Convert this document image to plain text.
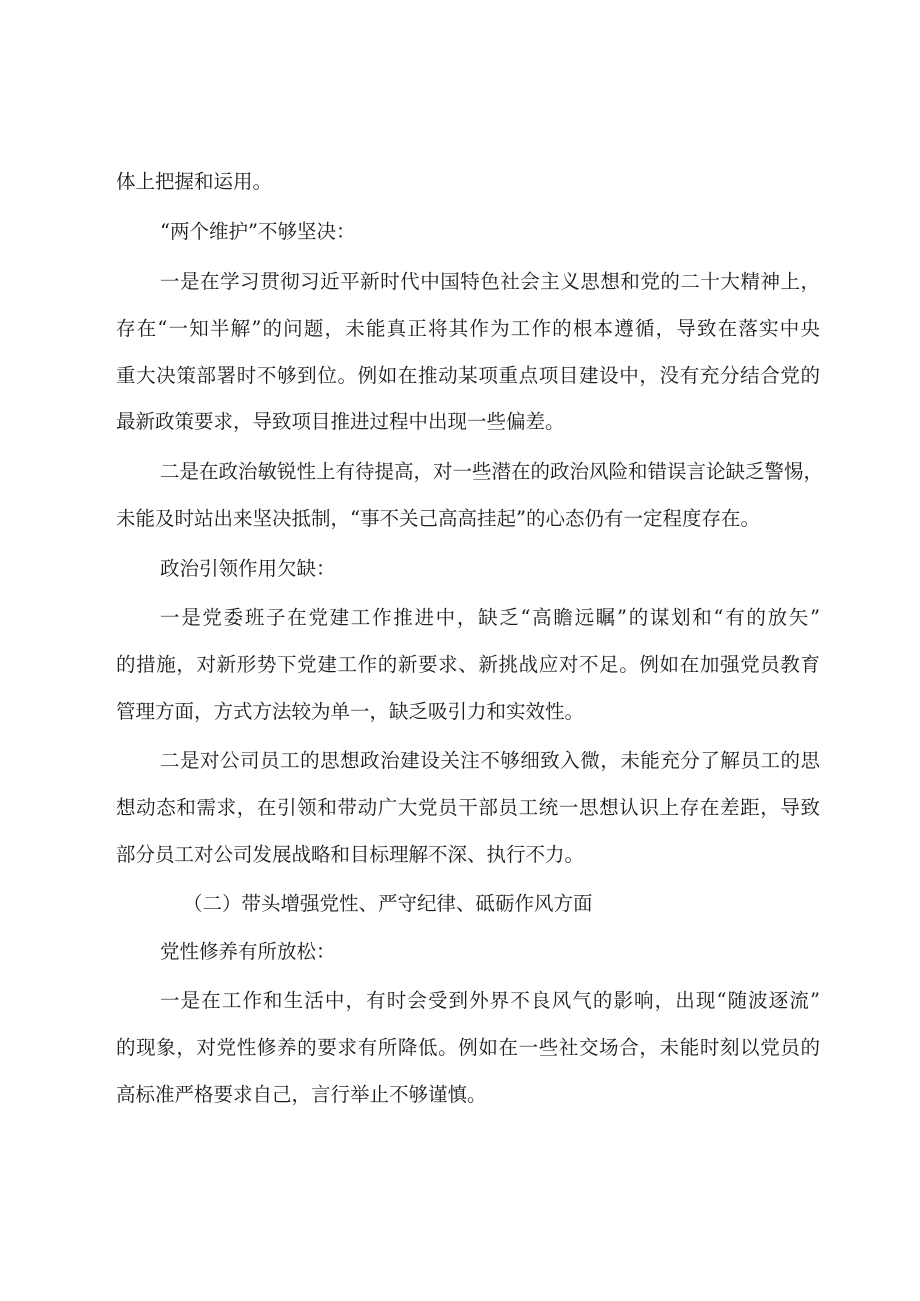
体上把握和运用。
“两个维护”不够坚决：
一是在学习贯彻习近平新时代中国特色社会主义思想和党的二十大精神上，
存在“一知半解”的问题，未能真正将其作为工作的根本遵循，导致在落实中央
重大决策部署时不够到位。例如在推动某项重点项目建设中，没有充分结合党的
最新政策要求，导致项目推进过程中出现一些偏差。
二是在政治敏锐性上有待提高，对一些潜在的政治风险和错误言论缺乏警惕，
未能及时站出来坚决抵制，“事不关己高高挂起”的心态仍有一定程度存在。
政治引领作用欠缺：
一是党委班子在党建工作推进中，缺乏“高瞻远瞩”的谋划和“有的放矢”
的措施，对新形势下党建工作的新要求、新挑战应对不足。例如在加强党员教育
管理方面，方式方法较为单一，缺乏吸引力和实效性。
二是对公司员工的思想政治建设关注不够细致入微，未能充分了解员工的思
想动态和需求，在引领和带动广大党员干部员工统一思想认识上存在差距，导致
部分员工对公司发展战略和目标理解不深、执行不力。
（二）带头增强党性、严守纪律、砥砺作风方面
党性修养有所放松：
一是在工作和生活中，有时会受到外界不良风气的影响，出现“随波逐流”
的现象，对党性修养的要求有所降低。例如在一些社交场合，未能时刻以党员的
高标准严格要求自己，言行举止不够谨慎。
